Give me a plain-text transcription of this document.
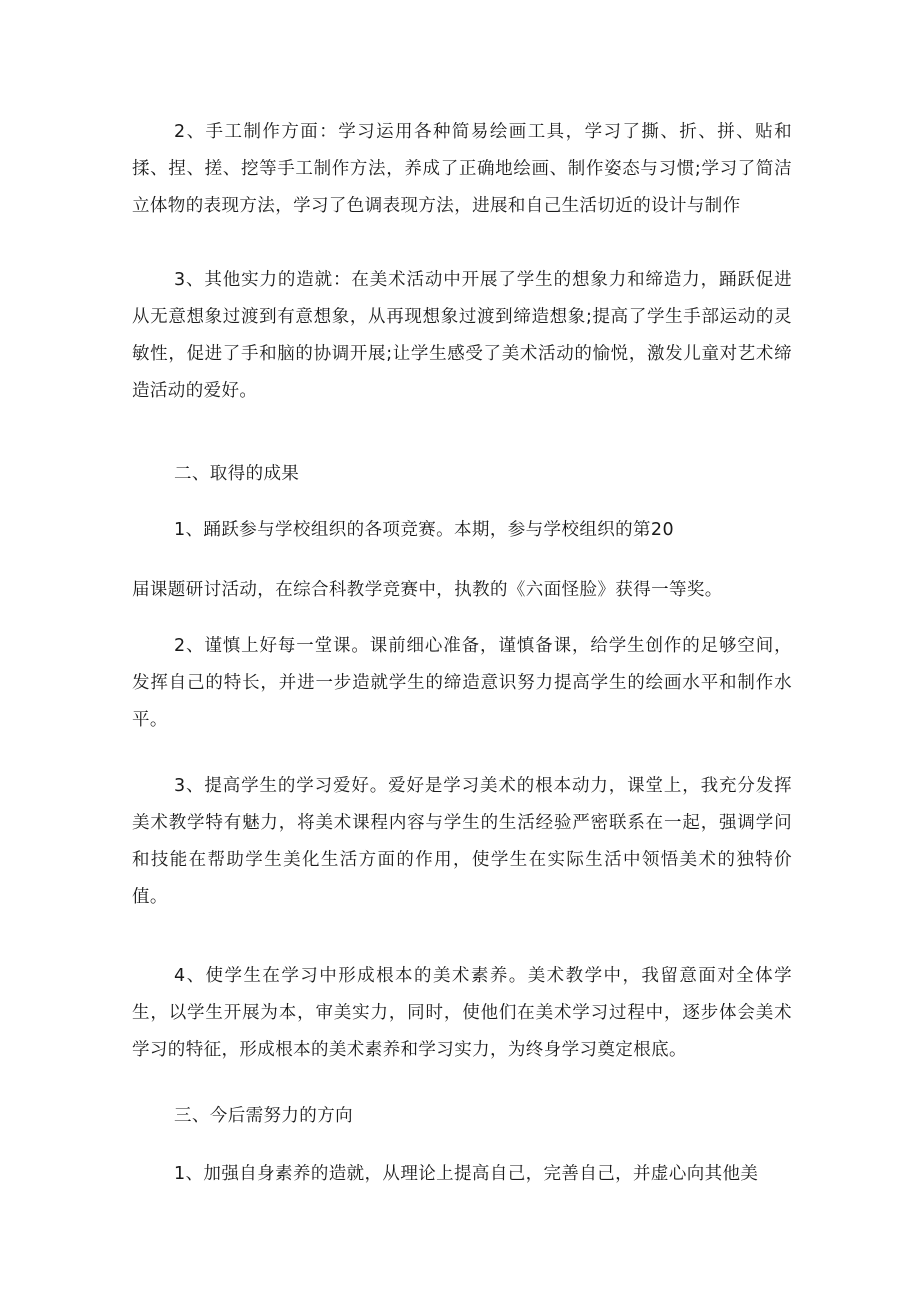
2、手工制作方面：学习运用各种简易绘画工具，学习了撕、折、拼、贴和揉、捏、搓、挖等手工制作方法，养成了正确地绘画、制作姿态与习惯;学习了简洁立体物的表现方法，学习了色调表现方法，进展和自己生活切近的设计与制作

3、其他实力的造就：在美术活动中开展了学生的想象力和缔造力，踊跃促进从无意想象过渡到有意想象，从再现想象过渡到缔造想象;提高了学生手部运动的灵敏性，促进了手和脑的协调开展;让学生感受了美术活动的愉悦，激发儿童对艺术缔造活动的爱好。

二、取得的成果

1、踊跃参与学校组织的各项竞赛。本期，参与学校组织的第20

届课题研讨活动，在综合科教学竞赛中，执教的《六面怪脸》获得一等奖。

2、谨慎上好每一堂课。课前细心准备，谨慎备课，给学生创作的足够空间，发挥自己的特长，并进一步造就学生的缔造意识努力提高学生的绘画水平和制作水平。

3、提高学生的学习爱好。爱好是学习美术的根本动力，课堂上，我充分发挥美术教学特有魅力，将美术课程内容与学生的生活经验严密联系在一起，强调学问和技能在帮助学生美化生活方面的作用，使学生在实际生活中领悟美术的独特价值。

4、使学生在学习中形成根本的美术素养。美术教学中，我留意面对全体学生，以学生开展为本，审美实力，同时，使他们在美术学习过程中，逐步体会美术学习的特征，形成根本的美术素养和学习实力，为终身学习奠定根底。

三、今后需努力的方向

1、加强自身素养的造就，从理论上提高自己，完善自己，并虚心向其他美
